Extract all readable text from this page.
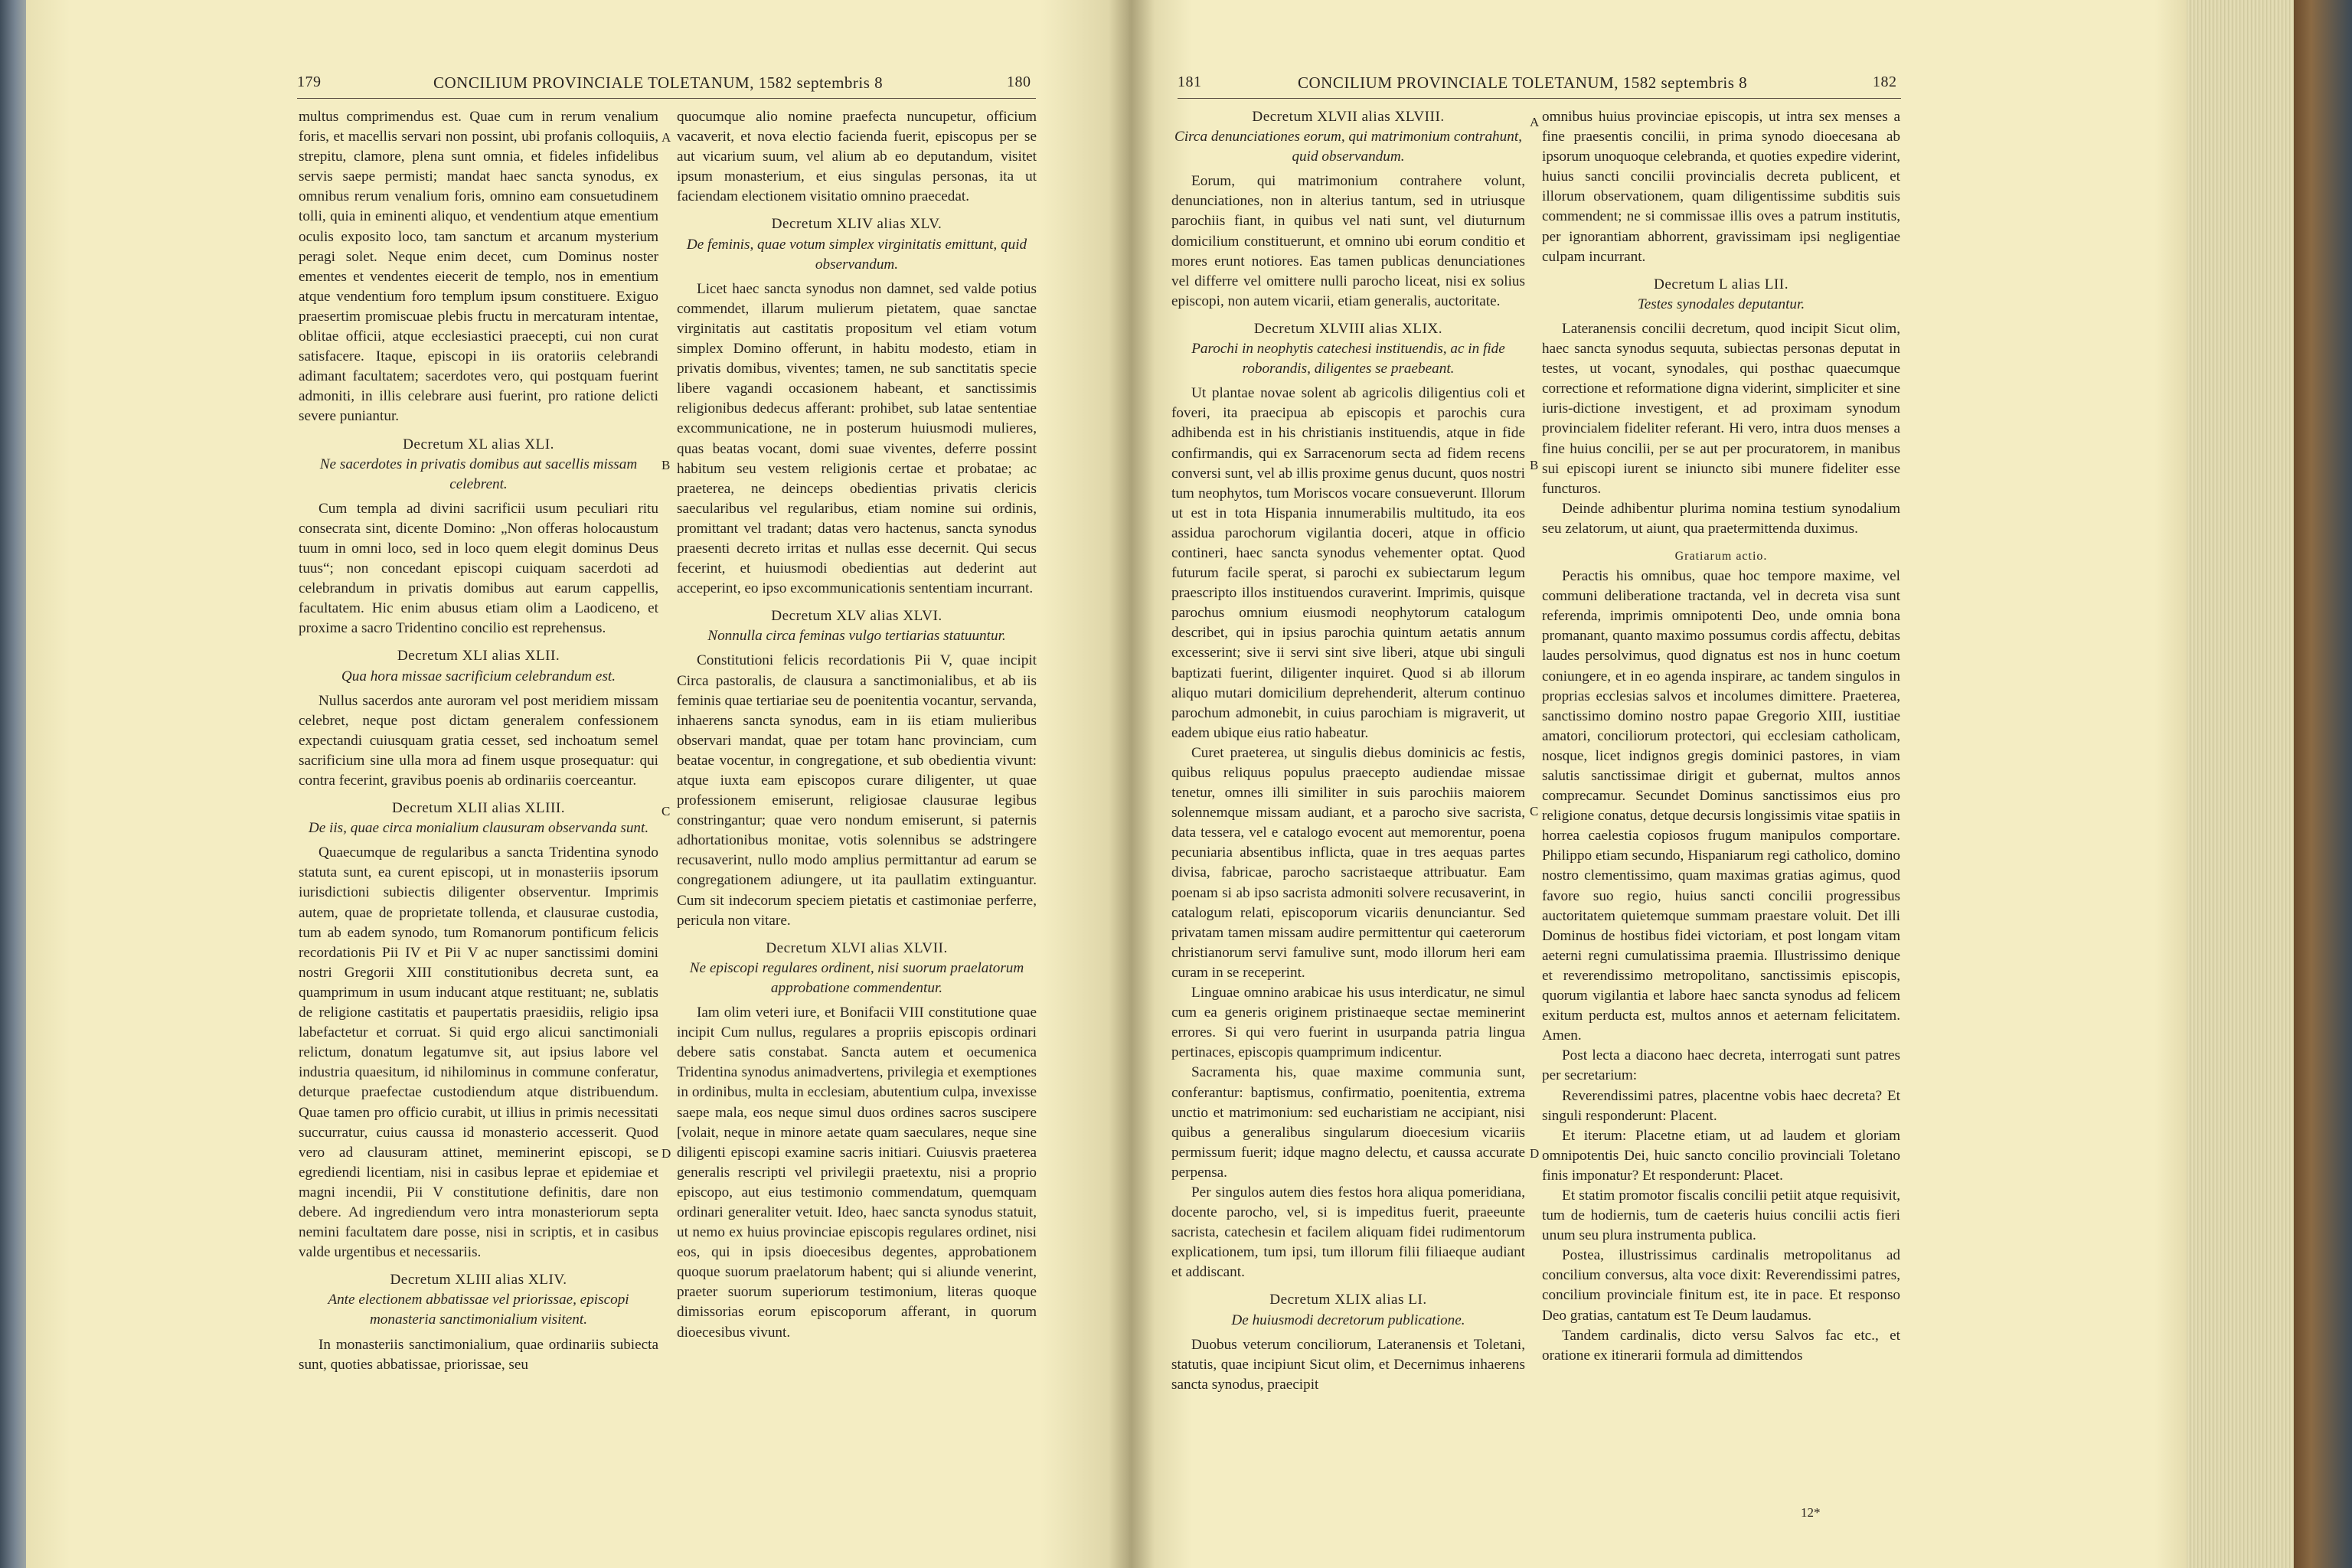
179	CONCILIUM PROVINCIALE TOLETANUM, 1582 septembris 8	180	181	CONCILIUM PROVINCIALE TOLETANUM, 1582 septembris 8	182

multus comprimendus est. Quae cum in rerum venalium foris, et macellis servari non possint, ubi profanis colloquiis, strepitu, clamore, plena sunt omnia, et fideles infidelibus servis saepe permisti; mandat haec sancta synodus, ex omnibus rerum venalium foris, omnino eam consuetudinem tolli, quia in eminenti aliquo, et vendentium atque ementium oculis exposito loco, tam sanctum et arcanum mysterium peragi solet. Neque enim decet, cum Dominus noster ementes et vendentes eiecerit de templo, nos in ementium atque vendentium foro templum ipsum constituere. Exiguo praesertim promiscuae plebis fructu in mercaturam intentae, oblitae officii, atque ecclesiastici praecepti, cui non curat satisfacere. Itaque, episcopi in iis oratoriis celebrandi adimant facultatem; sacerdotes vero, qui postquam fuerint admoniti, in illis celebrare ausi fuerint, pro ratione delicti severe puniantur.

Decretum XL alias XLI.

Ne sacerdotes in privatis domibus aut sacellis missam celebrent.

Cum templa ad divini sacrificii usum peculiari ritu consecrata sint, dicente Domino: „Non offeras holocaustum tuum in omni loco, sed in loco quem elegit dominus Deus tuus“; non concedant episcopi cuiquam sacerdoti ad celebrandum in privatis domibus aut earum cappellis, facultatem. Hic enim abusus etiam olim a Laodiceno, et proxime a sacro Tridentino concilio est reprehensus.

Decretum XLI alias XLII.

Qua hora missae sacrificium celebrandum est.

Nullus sacerdos ante auroram vel post meridiem missam celebret, neque post dictam generalem confessionem expectandi cuiusquam gratia cesset, sed inchoatum semel sacrificium sine ulla mora ad finem usque prosequatur: qui contra fecerint, gravibus poenis ab ordinariis coerceantur.

Decretum XLII alias XLIII.

De iis, quae circa monialium clausuram observanda sunt.

Quaecumque de regularibus a sancta Tridentina synodo statuta sunt, ea curent episcopi, ut in monasteriis ipsorum iurisdictioni subiectis diligenter observentur. Imprimis autem, quae de proprietate tollenda, et clausurae custodia, tum ab eadem synodo, tum Romanorum pontificum felicis recordationis Pii IV et Pii V ac nuper sanctissimi domini nostri Gregorii XIII constitutionibus decreta sunt, ea quamprimum in usum inducant atque restituant; ne, sublatis de religione castitatis et paupertatis praesidiis, religio ipsa labefactetur et corruat. Si quid ergo alicui sanctimoniali relictum, donatum legatumve sit, aut ipsius labore vel industria quaesitum, id nihilominus in commune conferatur, deturque praefectae custodiendum atque distribuendum. Quae tamen pro officio curabit, ut illius in primis necessitati succurratur, cuius caussa id monasterio accesserit. Quod vero ad clausuram attinet, meminerint episcopi, se egrediendi licentiam, nisi in casibus leprae et epidemiae et magni incendii, Pii V constitutione definitis, dare non debere. Ad ingrediendum vero intra monasteriorum septa nemini facultatem dare posse, nisi in scriptis, et in casibus valde urgentibus et necessariis.

Decretum XLIII alias XLIV.

Ante electionem abbatissae vel priorissae, episcopi monasteria sanctimonialium visitent.

In monasteriis sanctimonialium, quae ordinariis subiecta sunt, quoties abbatissae, priorissae, seu

quocumque alio nomine praefecta nuncupetur, officium vacaverit, et nova electio facienda fuerit, episcopus per se aut vicarium suum, vel alium ab eo deputandum, visitet ipsum monasterium, et eius singulas personas, ita ut faciendam electionem visitatio omnino praecedat.

Decretum XLIV alias XLV.

De feminis, quae votum simplex virginitatis emittunt, quid observandum.

Licet haec sancta synodus non damnet, sed valde potius commendet, illarum mulierum pietatem, quae sanctae virginitatis aut castitatis propositum vel etiam votum simplex Domino offerunt, in habitu modesto, etiam in privatis domibus, viventes; tamen, ne sub sanctitatis specie libere vagandi occasionem habeant, et sanctissimis religionibus dedecus afferant: prohibet, sub latae sententiae excommunicatione, ne in posterum huiusmodi mulieres, quas beatas vocant, domi suae viventes, deferre possint habitum seu vestem religionis certae et probatae; ac praeterea, ne deinceps obedientias privatis clericis saecularibus vel regularibus, etiam nomine sui ordinis, promittant vel tradant; datas vero hactenus, sancta synodus praesenti decreto irritas et nullas esse decernit. Qui secus fecerint, et huiusmodi obedientias aut dederint aut acceperint, eo ipso excommunicationis sententiam incurrant.

Decretum XLV alias XLVI.

Nonnulla circa feminas vulgo tertiarias statuuntur.

Constitutioni felicis recordationis Pii V, quae incipit Circa pastoralis, de clausura a sanctimonialibus, et ab iis feminis quae tertiariae seu de poenitentia vocantur, servanda, inhaerens sancta synodus, eam in iis etiam mulieribus observari mandat, quae per totam hanc provinciam, cum beatae vocentur, in congregatione, et sub obedientia vivunt: atque iuxta eam episcopos curare diligenter, ut quae professionem emiserunt, religiosae clausurae legibus constringantur; quae vero nondum emiserunt, si paternis adhortationibus monitae, votis solennibus se adstringere recusaverint, nullo modo amplius permittantur ad earum se congregationem adiungere, ut ita paullatim extinguantur. Cum sit indecorum speciem pietatis et castimoniae perferre, pericula non vitare.

Decretum XLVI alias XLVII.

Ne episcopi regulares ordinent, nisi suorum praelatorum approbatione commendentur.

Iam olim veteri iure, et Bonifacii VIII constitutione quae incipit Cum nullus, regulares a propriis episcopis ordinari debere satis constabat. Sancta autem et oecumenica Tridentina synodus animadvertens, privilegia et exemptiones in ordinibus, multa in ecclesiam, abutentium culpa, invexisse saepe mala, eos neque simul duos ordines sacros suscipere [volait, neque in minore aetate quam saeculares, neque sine diligenti episcopi examine sacris initiari. Cuiusvis praeterea generalis rescripti vel privilegii praetextu, nisi a proprio episcopo, aut eius testimonio commendatum, quemquam ordinari generaliter vetuit. Ideo, haec sancta synodus statuit, ut nemo ex huius provinciae episcopis regulares ordinet, nisi eos, qui in ipsis dioecesibus degentes, approbationem quoque suorum praelatorum habent; qui si aliunde venerint, praeter suorum superiorum testimonium, literas quoque dimissorias eorum episcoporum afferant, in quorum dioecesibus vivunt.

Decretum XLVII alias XLVIII.

Circa denunciationes eorum, qui matrimonium contrahunt, quid observandum.

Eorum, qui matrimonium contrahere volunt, denunciationes, non in alterius tantum, sed in utriusque parochiis fiant, in quibus vel nati sunt, vel diuturnum domicilium constituerunt, et omnino ubi eorum conditio et mores erunt notiores. Eas tamen publicas denunciationes vel differre vel omittere nulli parocho liceat, nisi ex solius episcopi, non autem vicarii, etiam generalis, auctoritate.

Decretum XLVIII alias XLIX.

Parochi in neophytis catechesi instituendis, ac in fide roborandis, diligentes se praebeant.

Ut plantae novae solent ab agricolis diligentius coli et foveri, ita praecipua ab episcopis et parochis cura adhibenda est in his christianis instituendis, atque in fide confirmandis, qui ex Sarracenorum secta ad fidem recens conversi sunt, vel ab illis proxime genus ducunt, quos nostri tum neophytos, tum Moriscos vocare consueverunt. Illorum ut est in tota Hispania innumerabilis multitudo, ita eos assidua parochorum vigilantia doceri, atque in officio contineri, haec sancta synodus vehementer optat. Quod futurum facile sperat, si parochi ex subiectarum legum praescripto illos instituendos curaverint. Imprimis, quisque parochus omnium eiusmodi neophytorum catalogum describet, qui in ipsius parochia quintum aetatis annum excesserint; sive ii servi sint sive liberi, atque ubi singuli baptizati fuerint, diligenter inquiret. Quod si ab illorum aliquo mutari domicilium deprehenderit, alterum continuo parochum admonebit, in cuius parochiam is migraverit, ut eadem ubique eius ratio habeatur.

Curet praeterea, ut singulis diebus dominicis ac festis, quibus reliquus populus praecepto audiendae missae tenetur, omnes illi similiter in suis parochiis maiorem solennemque missam audiant, et a parocho sive sacrista, data tessera, vel e catalogo evocent aut memorentur, poena pecuniaria absentibus inflicta, quae in tres aequas partes divisa, fabricae, parocho sacristaeque attribuatur. Eam poenam si ab ipso sacrista admoniti solvere recusaverint, in catalogum relati, episcoporum vicariis denunciantur. Sed privatam tamen missam audire permittentur qui caeterorum christianorum servi famulive sunt, modo illorum heri eam curam in se receperint.

Linguae omnino arabicae his usus interdicatur, ne simul cum ea generis originem pristinaeque sectae meminerint errores. Si qui vero fuerint in usurpanda patria lingua pertinaces, episcopis quamprimum indicentur.

Sacramenta his, quae maxime communia sunt, conferantur: baptismus, confirmatio, poenitentia, extrema unctio et matrimonium: sed eucharistiam ne accipiant, nisi quibus a generalibus singularum dioecesium vicariis permissum fuerit; idque magno delectu, et caussa accurate perpensa.

Per singulos autem dies festos hora aliqua pomeridiana, docente parocho, vel, si is impeditus fuerit, praeeunte sacrista, catechesin et facilem aliquam fidei rudimentorum explicationem, tum ipsi, tum illorum filii filiaeque audiant et addiscant.

Decretum XLIX alias LI.

De huiusmodi decretorum publicatione.

Duobus veterum conciliorum, Lateranensis et Toletani, statutis, quae incipiunt Sicut olim, et Decernimus inhaerens sancta synodus, praecipit

omnibus huius provinciae episcopis, ut intra sex menses a fine praesentis concilii, in prima synodo dioecesana ab ipsorum unoquoque celebranda, et quoties expedire viderint, huius sancti concilii provincialis decreta publicent, et illorum observationem, quam diligentissime subditis suis commendent; ne si commissae illis oves a patrum institutis, per ignorantiam abhorrent, gravissimam ipsi negligentiae culpam incurrant.

Decretum L alias LII.

Testes synodales deputantur.

Lateranensis concilii decretum, quod incipit Sicut olim, haec sancta synodus sequuta, subiectas personas deputat in testes, ut vocant, synodales, qui posthac quaecumque correctione et reformatione digna viderint, simpliciter et sine iuris-dictione investigent, et ad proximam synodum provincialem fideliter referant. Hi vero, intra duos menses a fine huius concilii, per se aut per procuratorem, in manibus sui episcopi iurent se iniuncto sibi munere fideliter esse functuros.

Deinde adhibentur plurima nomina testium synodalium seu zelatorum, ut aiunt, qua praetermittenda duximus.

Gratiarum actio.

Peractis his omnibus, quae hoc tempore maxime, vel communi deliberatione tractanda, vel in decreta visa sunt referenda, imprimis omnipotenti Deo, unde omnia bona promanant, quanto maximo possumus cordis affectu, debitas laudes persolvimus, quod dignatus est nos in hunc coetum coniungere, et in eo agenda inspirare, ac tandem singulos in proprias ecclesias salvos et incolumes dimittere. Praeterea, sanctissimo domino nostro papae Gregorio XIII, iustitiae amatori, conciliorum protectori, qui ecclesiam catholicam, nosque, licet indignos gregis dominici pastores, in viam salutis sanctissimae dirigit et gubernat, multos annos comprecamur. Secundet Dominus sanctissimos eius pro religione conatus, detque decursis longissimis vitae spatiis in horrea caelestia copiosos frugum manipulos comportare. Philippo etiam secundo, Hispaniarum regi catholico, domino nostro clementissimo, quam maximas gratias agimus, quod favore suo regio, huius sancti concilii progressibus auctoritatem quietemque summam praestare voluit. Det illi Dominus de hostibus fidei victoriam, et post longam vitam aeterni regni cumulatissima praemia. Illustrissimo denique et reverendissimo metropolitano, sanctissimis episcopis, quorum vigilantia et labore haec sancta synodus ad felicem exitum perducta est, multos annos et aeternam felicitatem. Amen.

Post lecta a diacono haec decreta, interrogati sunt patres per secretarium:

Reverendissimi patres, placentne vobis haec decreta? Et singuli responderunt: Placent.

Et iterum: Placetne etiam, ut ad laudem et gloriam omnipotentis Dei, huic sancto concilio provinciali Toletano finis imponatur? Et responderunt: Placet.

Et statim promotor fiscalis concilii petiit atque requisivit, tum de hodiernis, tum de caeteris huius concilii actis fieri unum seu plura instrumenta publica.

Postea, illustrissimus cardinalis metropolitanus ad concilium conversus, alta voce dixit: Reverendissimi patres, concilium provinciale finitum est, ite in pace. Et responso Deo gratias, cantatum est Te Deum laudamus.

Tandem cardinalis, dicto versu Salvos fac etc., et oratione ex itinerarii formula ad dimittendos

A
B
C
D
A
B
C
D
12*
